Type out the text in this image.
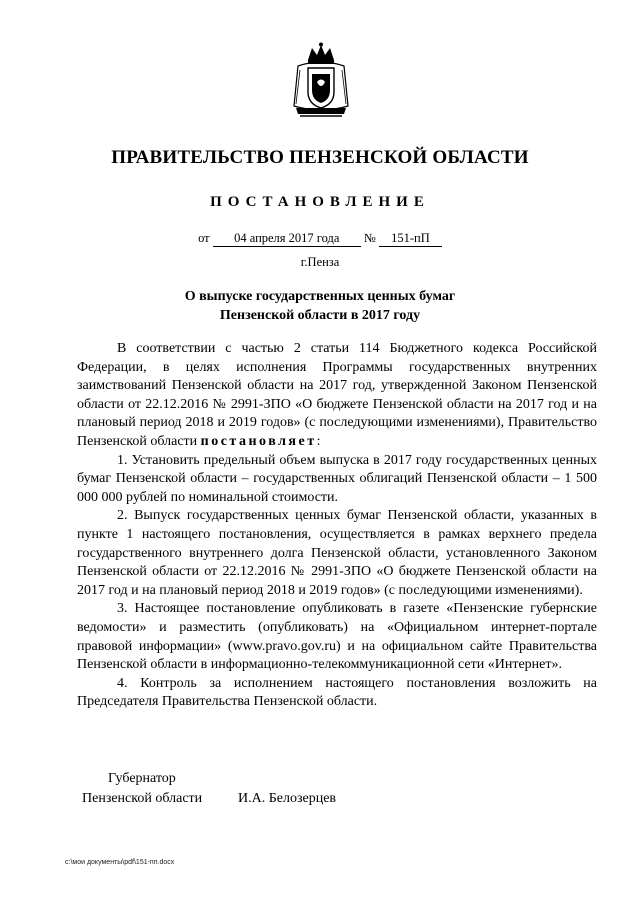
ПРАВИТЕЛЬСТВО ПЕНЗЕНСКОЙ ОБЛАСТИ
ПОСТАНОВЛЕНИЕ
от 04 апреля 2017 года № 151-пП
г.Пенза
О выпуске государственных ценных бумаг
Пензенской области в 2017 году

В соответствии с частью 2 статьи 114 Бюджетного кодекса Российской Федерации, в целях исполнения Программы государственных внутренних заимствований Пензенской области на 2017 год, утвержденной Законом Пензенской области от 22.12.2016 № 2991-ЗПО «О бюджете Пензенской области на 2017 год и на плановый период 2018 и 2019 годов» (с последующими изменениями), Правительство Пензенской области постановляет:

1. Установить предельный объем выпуска в 2017 году государственных ценных бумаг Пензенской области – государственных облигаций Пензенской области – 1 500 000 000 рублей по номинальной стоимости.

2. Выпуск государственных ценных бумаг Пензенской области, указанных в пункте 1 настоящего постановления, осуществляется в рамках верхнего предела государственного внутреннего долга Пензенской области, установленного Законом Пензенской области от 22.12.2016 № 2991-ЗПО «О бюджете Пензенской области на 2017 год и на плановый период 2018 и 2019 годов» (с последующими изменениями).

3. Настоящее постановление опубликовать в газете «Пензенские губернские ведомости» и разместить (опубликовать) на «Официальном интернет-портале правовой информации» (www.pravo.gov.ru) и на официальном сайте Правительства Пензенской области в информационно-телекоммуникационной сети «Интернет».

4. Контроль за исполнением настоящего постановления возложить на Председателя Правительства Пензенской области.

Губернатор
Пензенской области	И.А. Белозерцев
c:\мои документы\pdf\151-пп.docx
